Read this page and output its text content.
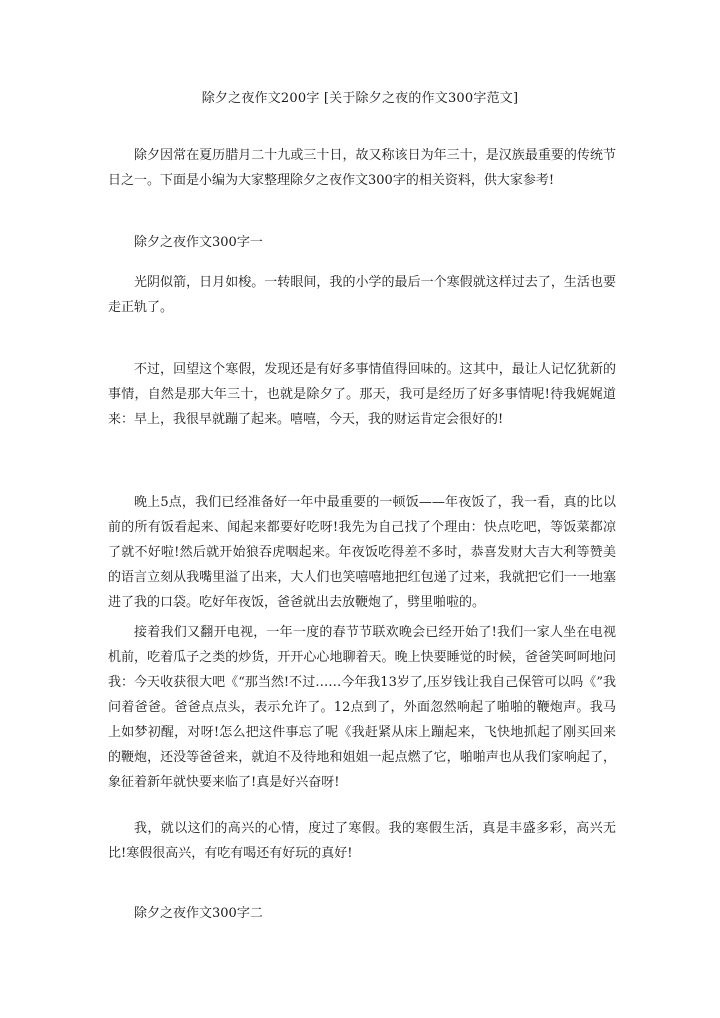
除夕之夜作文200字 [关于除夕之夜的作文300字范文]

除夕因常在夏历腊月二十九或三十日，故又称该日为年三十，是汉族最重要的传统节日之一。下面是小编为大家整理除夕之夜作文300字的相关资料，供大家参考!

除夕之夜作文300字一

光阴似箭，日月如梭。一转眼间，我的小学的最后一个寒假就这样过去了，生活也要走正轨了。

不过，回望这个寒假，发现还是有好多事情值得回味的。这其中，最让人记忆犹新的事情，自然是那大年三十，也就是除夕了。那天，我可是经历了好多事情呢!待我娓娓道来：早上，我很早就蹦了起来。嘻嘻，今天，我的财运肯定会很好的!

晚上5点，我们已经准备好一年中最重要的一顿饭——年夜饭了，我一看，真的比以前的所有饭看起来、闻起来都要好吃呀!我先为自己找了个理由：快点吃吧，等饭菜都凉了就不好啦!然后就开始狼吞虎咽起来。年夜饭吃得差不多时，恭喜发财大吉大利等赞美的语言立刻从我嘴里溢了出来，大人们也笑嘻嘻地把红包递了过来，我就把它们一一地塞进了我的口袋。吃好年夜饭，爸爸就出去放鞭炮了，劈里啪啦的。

接着我们又翻开电视，一年一度的春节节联欢晚会已经开始了!我们一家人坐在电视机前，吃着瓜子之类的炒货，开开心心地聊着天。晚上快要睡觉的时候，爸爸笑呵呵地问我：今天收获很大吧《“那当然!不过……今年我13岁了,压岁钱让我自己保管可以吗《”我问着爸爸。爸爸点点头，表示允许了。12点到了，外面忽然响起了啪啪的鞭炮声。我马上如梦初醒，对呀!怎么把这件事忘了呢《我赶紧从床上蹦起来，飞快地抓起了刚买回来的鞭炮，还没等爸爸来，就迫不及待地和姐姐一起点燃了它，啪啪声也从我们家响起了，象征着新年就快要来临了!真是好兴奋呀!

我，就以这们的高兴的心情，度过了寒假。我的寒假生活，真是丰盛多彩，高兴无比!寒假很高兴，有吃有喝还有好玩的真好!

除夕之夜作文300字二
